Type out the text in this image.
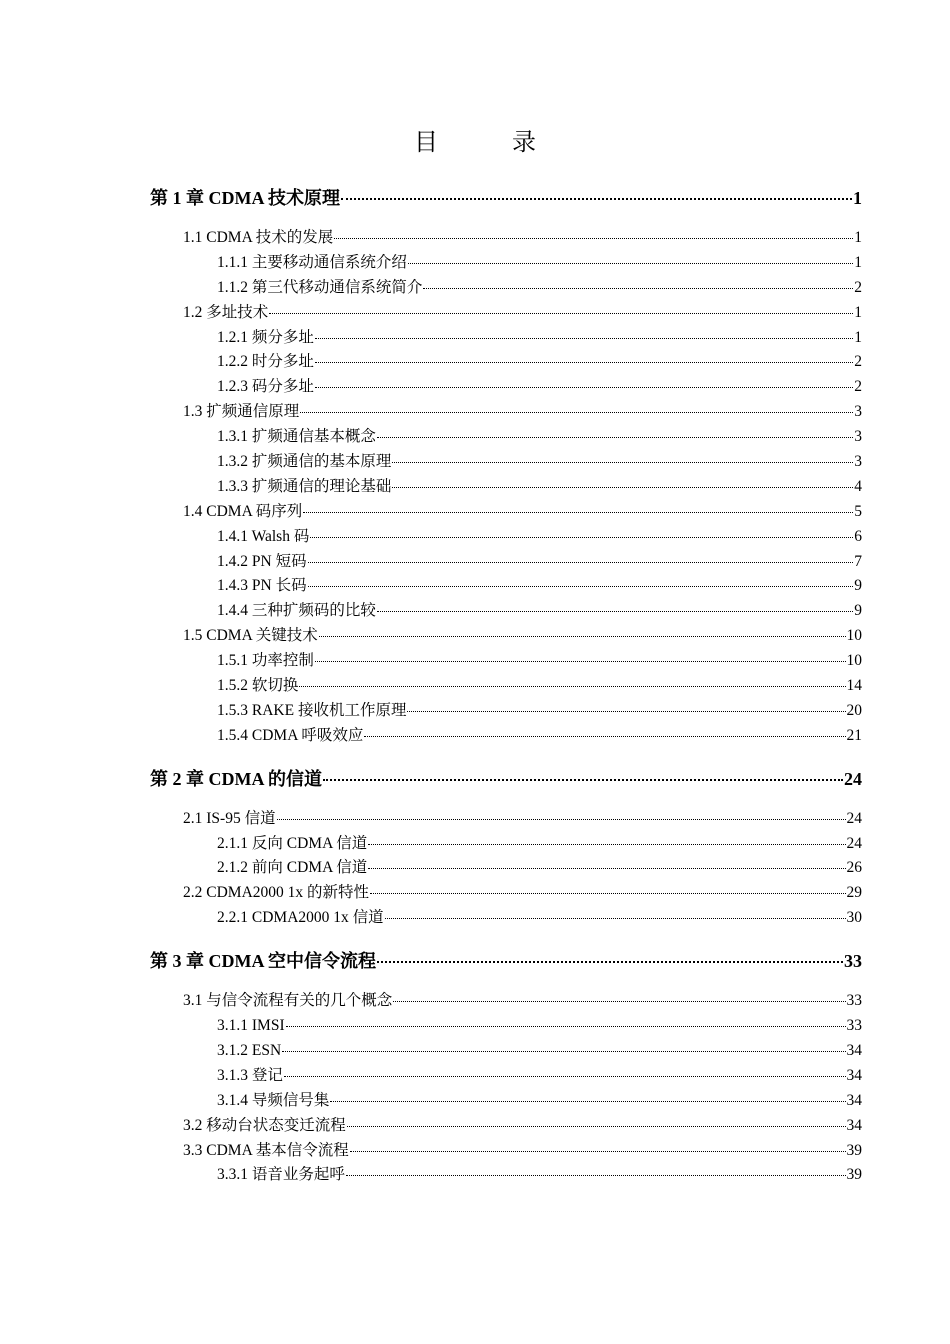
目	录
第 1 章 CDMA 技术原理	1
1.1 CDMA 技术的发展	1
1.1.1 主要移动通信系统介绍	1
1.1.2 第三代移动通信系统简介	2
1.2 多址技术	1
1.2.1 频分多址	1
1.2.2 时分多址	2
1.2.3 码分多址	2
1.3 扩频通信原理	3
1.3.1 扩频通信基本概念	3
1.3.2 扩频通信的基本原理	3
1.3.3 扩频通信的理论基础	4
1.4 CDMA 码序列	5
1.4.1 Walsh 码	6
1.4.2 PN 短码	7
1.4.3 PN 长码	9
1.4.4 三种扩频码的比较	9
1.5 CDMA 关键技术	10
1.5.1 功率控制	10
1.5.2 软切换	14
1.5.3 RAKE 接收机工作原理	20
1.5.4 CDMA 呼吸效应	21
第 2 章 CDMA 的信道	24
2.1 IS-95 信道	24
2.1.1 反向 CDMA 信道	24
2.1.2 前向 CDMA 信道	26
2.2 CDMA2000 1x 的新特性	29
2.2.1 CDMA2000 1x 信道	30
第 3 章 CDMA 空中信令流程	33
3.1 与信令流程有关的几个概念	33
3.1.1 IMSI	33
3.1.2 ESN	34
3.1.3 登记	34
3.1.4 导频信号集	34
3.2 移动台状态变迁流程	34
3.3 CDMA 基本信令流程	39
3.3.1 语音业务起呼	39
